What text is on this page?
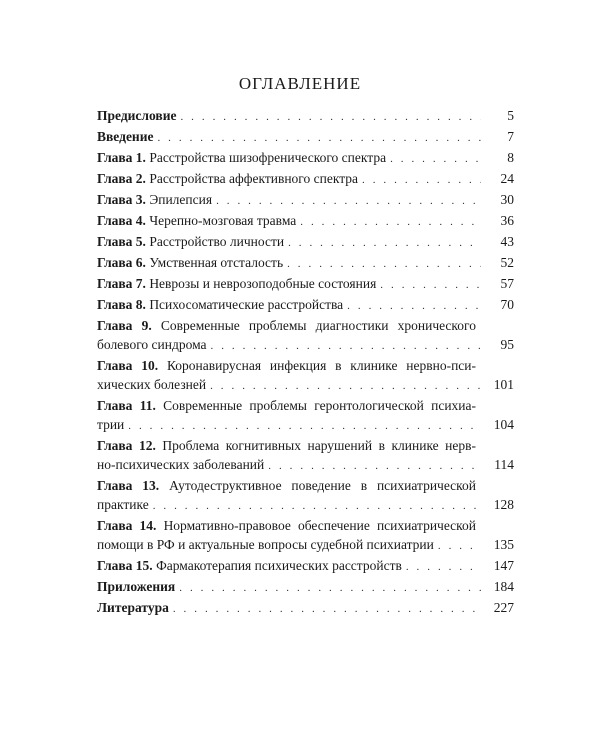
ОГЛАВЛЕНИЕ
Предисловие . . .	5
Введение . . .	7
Глава 1. Расстройства шизофренического спектра . . .	8
Глава 2. Расстройства аффективного спектра . . .	24
Глава 3. Эпилепсия . . .	30
Глава 4. Черепно-мозговая травма . . .	36
Глава 5. Расстройство личности . . .	43
Глава 6. Умственная отсталость . . .	52
Глава 7. Неврозы и неврозоподобные состояния . . .	57
Глава 8. Психосоматические расстройства . . .	70
Глава 9. Современные проблемы диагностики хронического
болевого синдрома . . .	95
Глава 10. Коронавирусная инфекция в клинике нервно-пси-
хических болезней . . .	101
Глава 11. Современные проблемы геронтологической психиа-
трии . . .	104
Глава 12. Проблема когнитивных нарушений в клинике нерв-
но-психических заболеваний . . .	114
Глава 13. Аутодеструктивное поведение в психиатрической
практике . . .	128
Глава 14. Нормативно-правовое обеспечение психиатрической
помощи в РФ и актуальные вопросы судебной психиатрии . . .	135
Глава 15. Фармакотерапия психических расстройств . . .	147
Приложения . . .	184
Литература . . .	227
